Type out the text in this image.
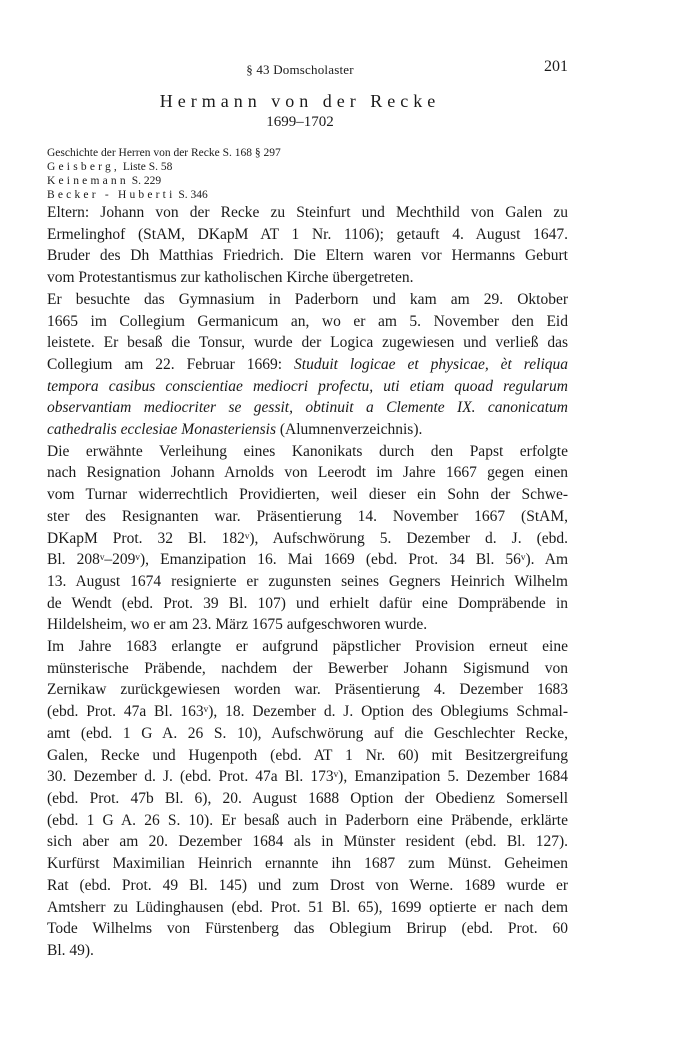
§ 43 Domscholaster	201
Hermann von der Recke
1699–1702
Geschichte der Herren von der Recke S. 168 § 297
Geisberg, Liste S. 58
Keinemann S. 229
Becker - Huberti S. 346

Eltern: Johann von der Recke zu Steinfurt und Mechthild von Galen zu
Ermelinghof (StAM, DKapM AT 1 Nr. 1106); getauft 4. August 1647.
Bruder des Dh Matthias Friedrich. Die Eltern waren vor Hermanns Geburt
vom Protestantismus zur katholischen Kirche übergetreten.

Er besuchte das Gymnasium in Paderborn und kam am 29. Oktober
1665 im Collegium Germanicum an, wo er am 5. November den Eid
leistete. Er besaß die Tonsur, wurde der Logica zugewiesen und verließ das
Collegium am 22. Februar 1669: Studuit logicae et physicae, èt reliqua
tempora casibus conscientiae mediocri profectu, uti etiam quoad regularum
observantiam mediocriter se gessit, obtinuit a Clemente IX. canonicatum
cathedralis ecclesiae Monasteriensis (Alumnenverzeichnis).

Die erwähnte Verleihung eines Kanonikats durch den Papst erfolgte
nach Resignation Johann Arnolds von Leerodt im Jahre 1667 gegen einen
vom Turnar widerrechtlich Providierten, weil dieser ein Sohn der Schwe-
ster des Resignanten war. Präsentierung 14. November 1667 (StAM,
DKapM Prot. 32 Bl. 182ᵛ), Aufschwörung 5. Dezember d. J. (ebd.
Bl. 208ᵛ–209ᵛ), Emanzipation 16. Mai 1669 (ebd. Prot. 34 Bl. 56ᵛ). Am
13. August 1674 resignierte er zugunsten seines Gegners Heinrich Wilhelm
de Wendt (ebd. Prot. 39 Bl. 107) und erhielt dafür eine Dompräbende in
Hildelsheim, wo er am 23. März 1675 aufgeschworen wurde.

Im Jahre 1683 erlangte er aufgrund päpstlicher Provision erneut eine
münsterische Präbende, nachdem der Bewerber Johann Sigismund von
Zernikaw zurückgewiesen worden war. Präsentierung 4. Dezember 1683
(ebd. Prot. 47a Bl. 163ᵛ), 18. Dezember d. J. Option des Oblegiums Schmal-
amt (ebd. 1 G A. 26 S. 10), Aufschwörung auf die Geschlechter Recke,
Galen, Recke und Hugenpoth (ebd. AT 1 Nr. 60) mit Besitzergreifung
30. Dezember d. J. (ebd. Prot. 47a Bl. 173ᵛ), Emanzipation 5. Dezember 1684
(ebd. Prot. 47b Bl. 6), 20. August 1688 Option der Obedienz Somersell
(ebd. 1 G A. 26 S. 10). Er besaß auch in Paderborn eine Präbende, erklärte
sich aber am 20. Dezember 1684 als in Münster resident (ebd. Bl. 127).
Kurfürst Maximilian Heinrich ernannte ihn 1687 zum Münst. Geheimen
Rat (ebd. Prot. 49 Bl. 145) und zum Drost von Werne. 1689 wurde er
Amtsherr zu Lüdinghausen (ebd. Prot. 51 Bl. 65), 1699 optierte er nach dem
Tode Wilhelms von Fürstenberg das Oblegium Brirup (ebd. Prot. 60
Bl. 49).
